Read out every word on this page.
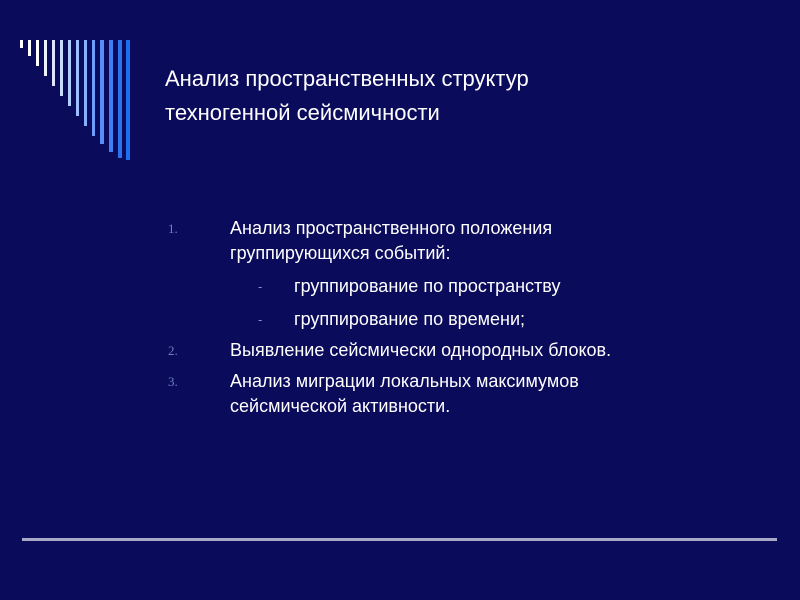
Анализ пространственных структур
техногенной сейсмичности
1.	Анализ пространственного положения
группирующихся событий:
- группирование по пространству
- группирование по времени;
2.	Выявление сейсмически однородных блоков.
3.	Анализ миграции локальных максимумов
сейсмической активности.
